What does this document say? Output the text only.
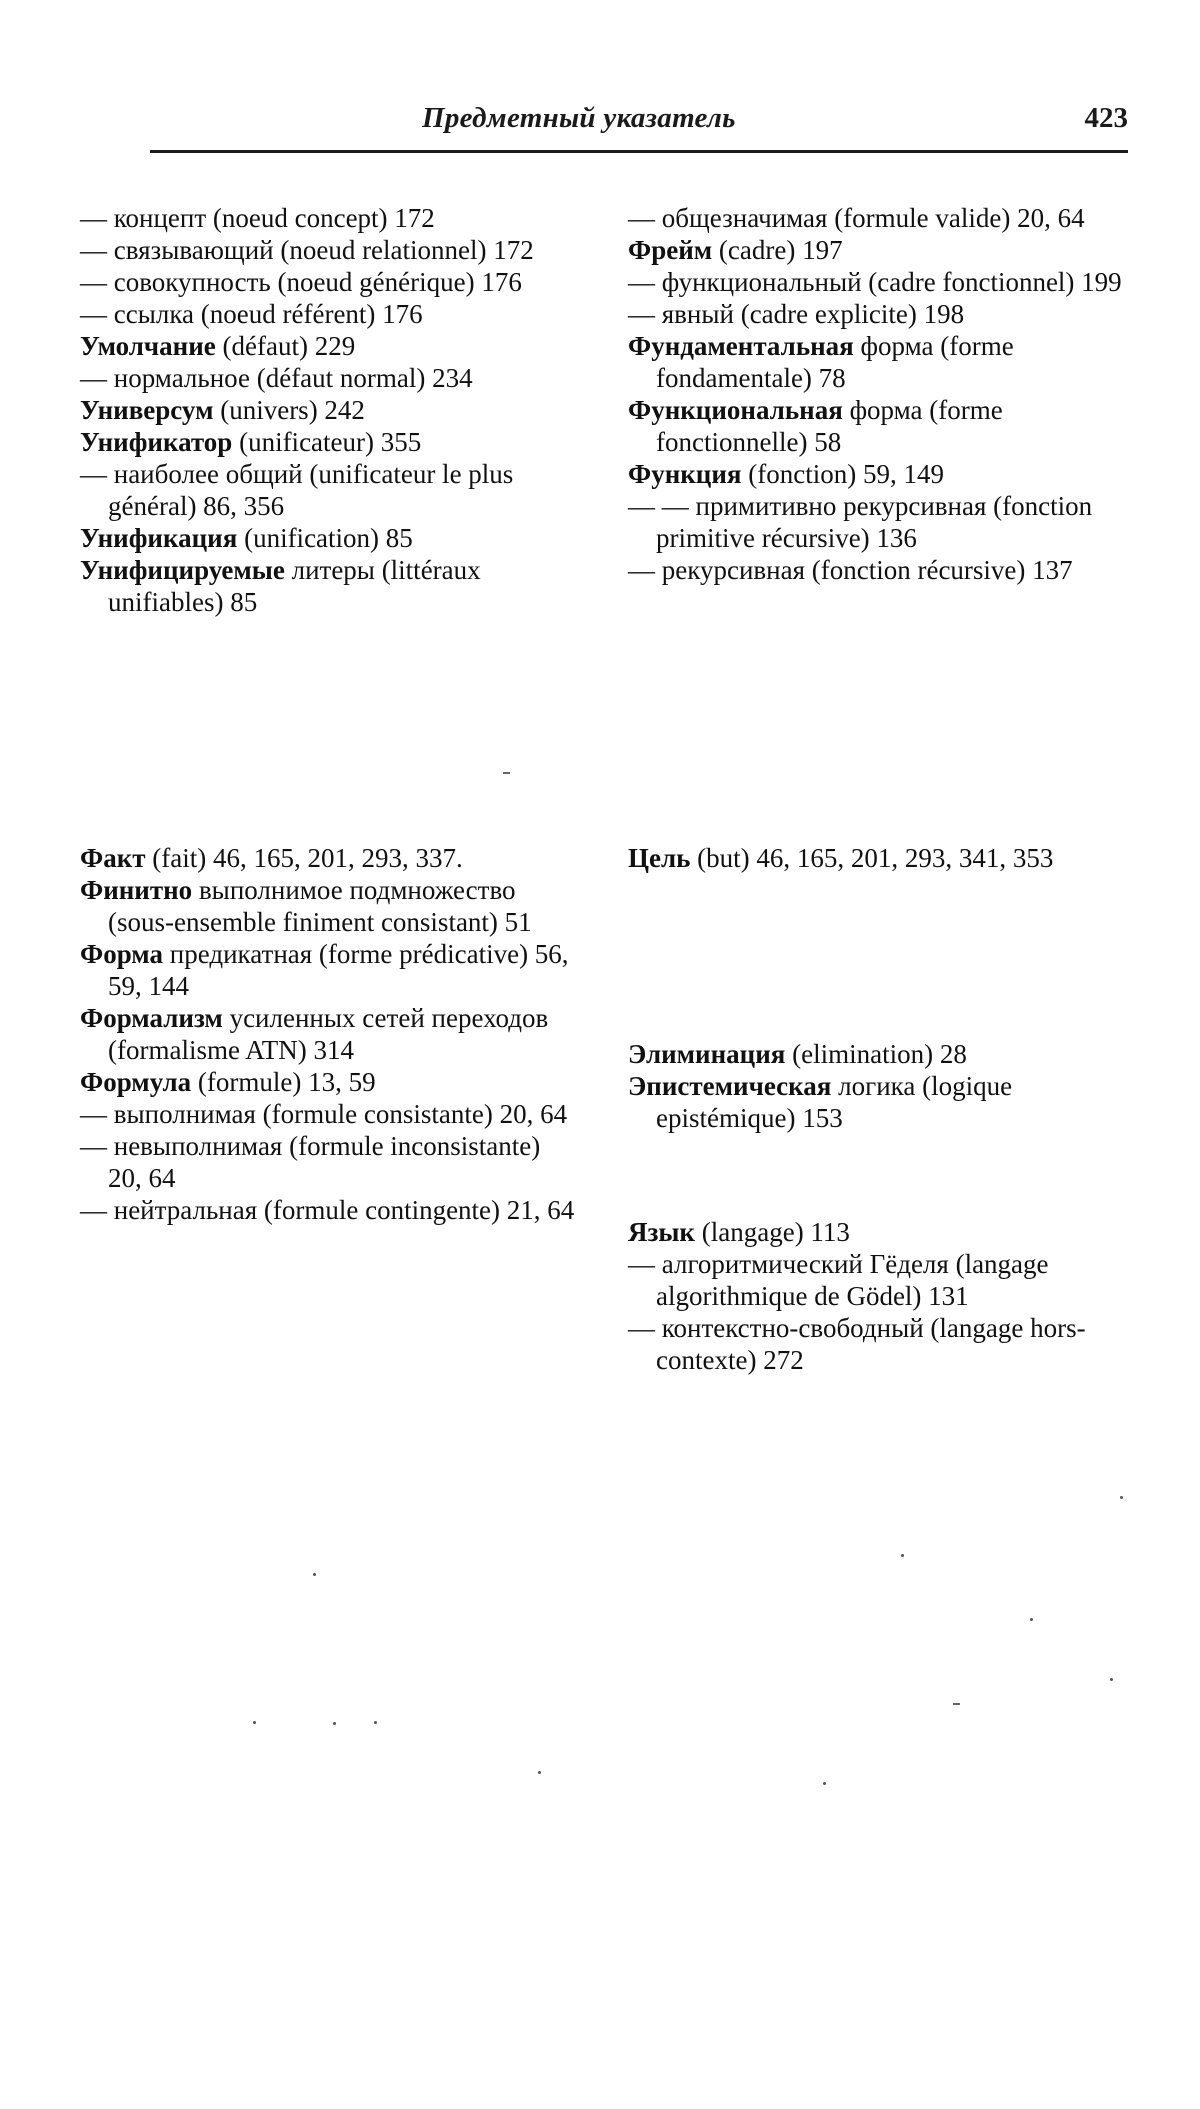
Предметный указатель	423

— концепт (noeud concept) 172

— связывающий (noeud relationnel) 172

— совокупность (noeud générique) 176

— ссылка (noeud référent) 176

Умолчание (défaut) 229

— нормальное (défaut normal) 234

Универсум (univers) 242

Унификатор (unificateur) 355

— наиболее общий (unificateur le plus général) 86, 356

Унификация (unification) 85

Унифицируемые литеры (littéraux unifiables) 85

Факт (fait) 46, 165, 201, 293, 337.

Финитно выполнимое подмножество (sous-ensemble finiment consistant) 51

Форма предикатная (forme prédicative) 56, 59, 144

Формализм усиленных сетей переходов (formalisme ATN) 314

Формула (formule) 13, 59

— выполнимая (formule consistante) 20, 64

— невыполнимая (formule inconsistante) 20, 64

— нейтральная (formule contingente) 21, 64

— общезначимая (formule valide) 20, 64

Фрейм (cadre) 197

— функциональный (cadre fonctionnel) 199

— явный (cadre explicite) 198

Фундаментальная форма (forme fondamentale) 78

Функциональная форма (forme fonctionnelle) 58

Функция (fonction) 59, 149

— — примитивно рекурсивная (fonction primitive récursive) 136

— рекурсивная (fonction récursive) 137

Цель (but) 46, 165, 201, 293, 341, 353

Элиминация (elimination) 28

Эпистемическая логика (logique epistémique) 153

Язык (langage) 113

— алгоритмический Гёделя (langage algorithmique de Gödel) 131

— контекстно-свободный (langage hors-contexte) 272
